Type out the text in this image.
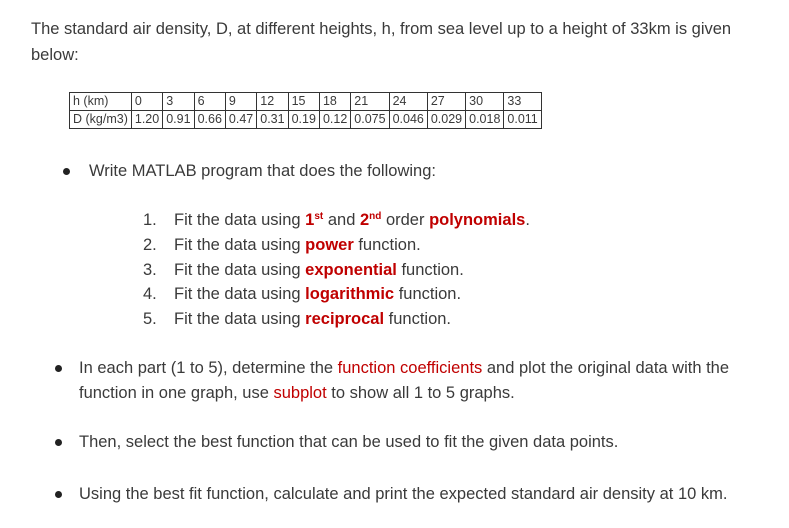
The standard air density, D, at different heights, h, from sea level up to a height of 33km is given below:
h (km)	0	3	6	9	12	15	18	21	24	27	30	33
D (kg/m3)	1.20	0.91	0.66	0.47	0.31	0.19	0.12	0.075	0.046	0.029	0.018	0.011
Write MATLAB program that does the following:
1. Fit the data using 1st and 2nd order polynomials.
2. Fit the data using power function.
3. Fit the data using exponential function.
4. Fit the data using logarithmic function.
5. Fit the data using reciprocal function.
In each part (1 to 5), determine the function coefficients and plot the original data with the function in one graph, use subplot to show all 1 to 5 graphs.
Then, select the best function that can be used to fit the given data points.
Using the best fit function, calculate and print the expected standard air density at 10 km.
